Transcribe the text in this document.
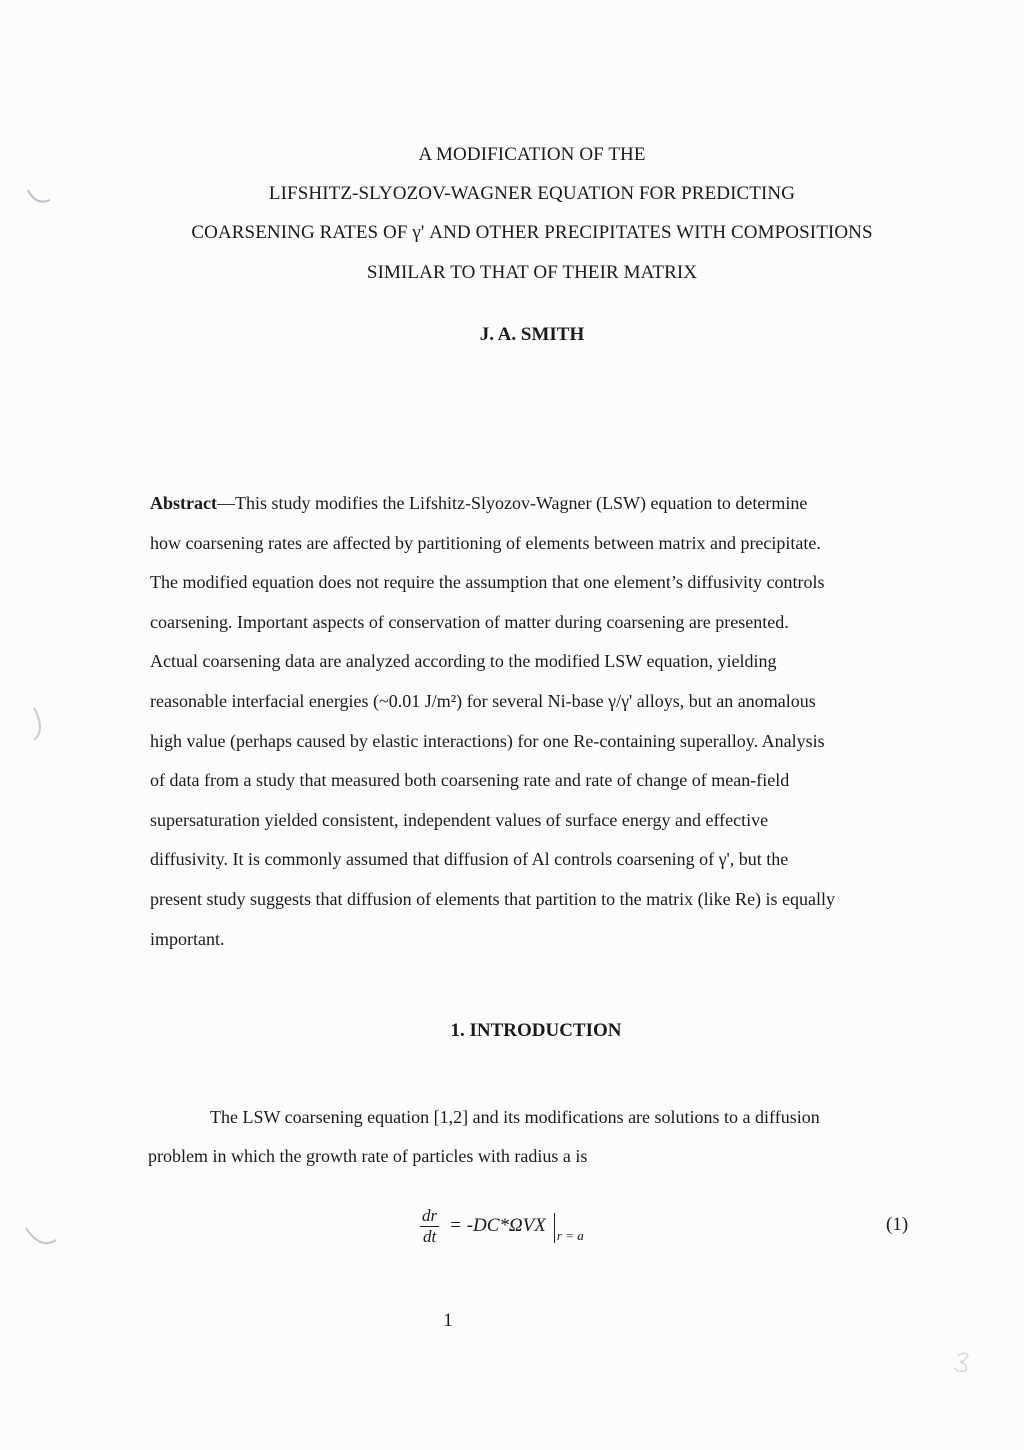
A MODIFICATION OF THE
LIFSHITZ-SLYOZOV-WAGNER EQUATION FOR PREDICTING
COARSENING RATES OF γ' AND OTHER PRECIPITATES WITH COMPOSITIONS
SIMILAR TO THAT OF THEIR MATRIX
J. A. SMITH
Abstract—This study modifies the Lifshitz-Slyozov-Wagner (LSW) equation to determine
how coarsening rates are affected by partitioning of elements between matrix and precipitate.
The modified equation does not require the assumption that one element’s diffusivity controls
coarsening. Important aspects of conservation of matter during coarsening are presented.
Actual coarsening data are analyzed according to the modified LSW equation, yielding
reasonable interfacial energies (~0.01 J/m²) for several Ni-base γ/γ' alloys, but an anomalous
high value (perhaps caused by elastic interactions) for one Re-containing superalloy. Analysis
of data from a study that measured both coarsening rate and rate of change of mean-field
supersaturation yielded consistent, independent values of surface energy and effective
diffusivity. It is commonly assumed that diffusion of Al controls coarsening of γ', but the
present study suggests that diffusion of elements that partition to the matrix (like Re) is equally
important.
1. INTRODUCTION
The LSW coarsening equation [1,2] and its modifications are solutions to a diffusion
problem in which the growth rate of particles with radius a is
$\frac{dr}{dt} = -DC*\Omega VX$ r = a
(1)
1
